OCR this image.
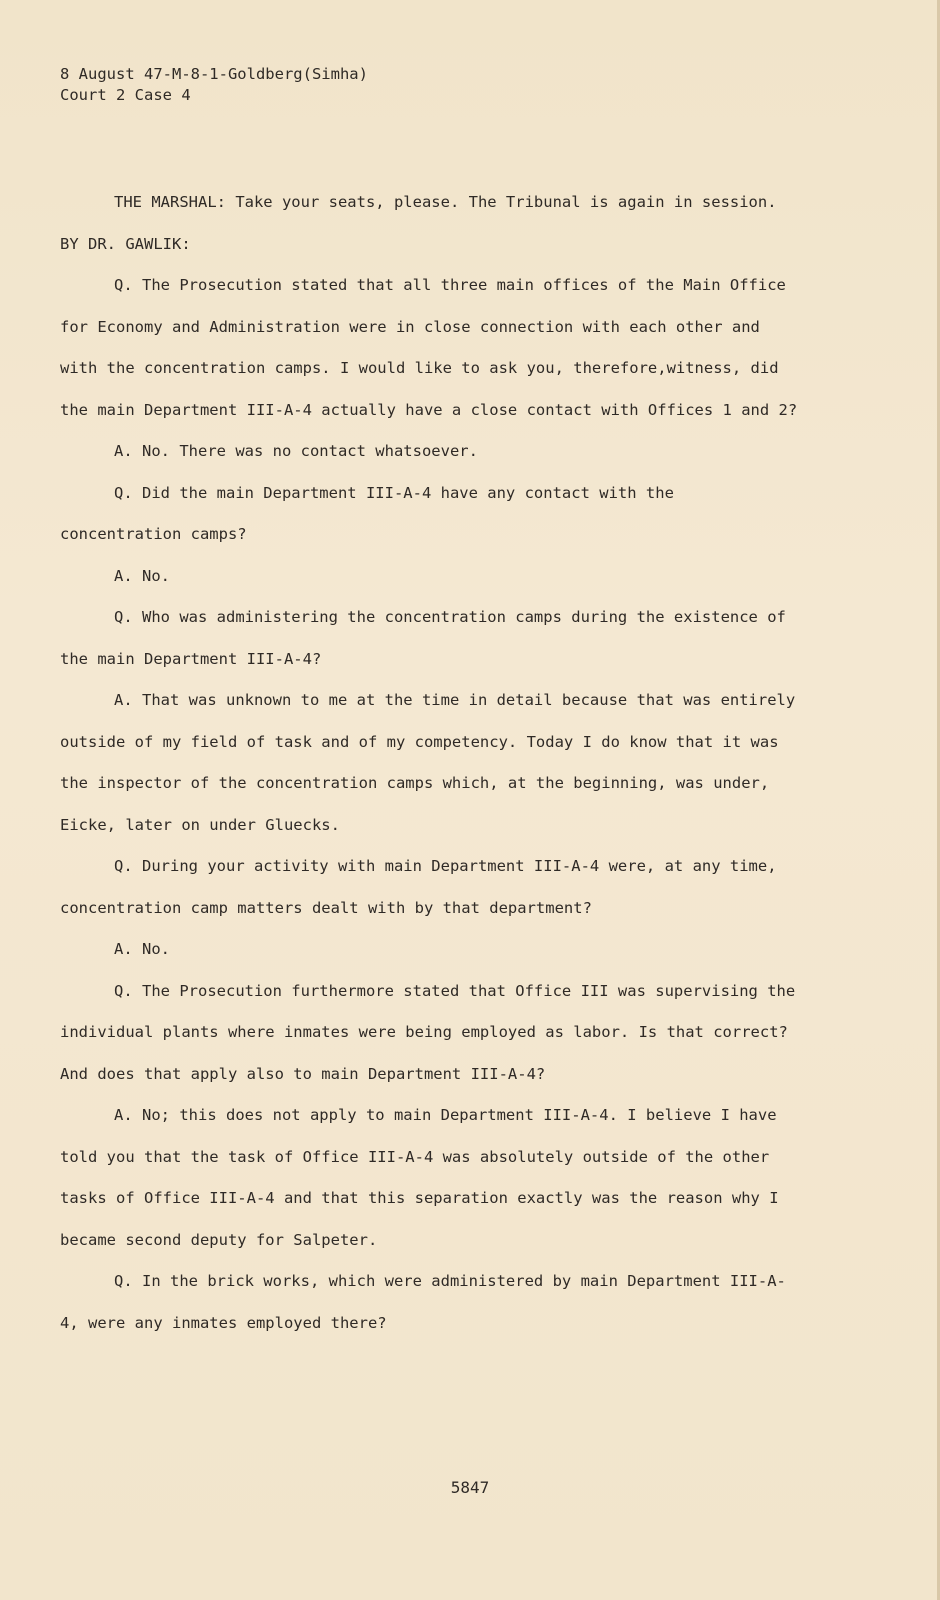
8 August 47-M-8-1-Goldberg(Simha)
Court 2 Case 4

THE MARSHAL: Take your seats, please. The Tribunal is again in session.

BY DR. GAWLIK:

Q. The Prosecution stated that all three main offices of the Main Office for Economy and Administration were in close connection with each other and with the concentration camps. I would like to ask you, therefore,witness, did the main Department III-A-4 actually have a close contact with Offices 1 and 2?

A. No. There was no contact whatsoever.

Q. Did the main Department III-A-4 have any contact with the concentration camps?

A. No.

Q. Who was administering the concentration camps during the existence of the main Department III-A-4?

A. That was unknown to me at the time in detail because that was entirely outside of my field of task and of my competency. Today I do know that it was the inspector of the concentration camps which, at the beginning, was under, Eicke, later on under Gluecks.

Q. During your activity with main Department III-A-4 were, at any time, concentration camp matters dealt with by that department?

A. No.

Q. The Prosecution furthermore stated that Office III was supervising the individual plants where inmates were being employed as labor. Is that correct? And does that apply also to main Department III-A-4?

A. No; this does not apply to main Department III-A-4. I believe I have told you that the task of Office III-A-4 was absolutely outside of the other tasks of Office III-A-4 and that this separation exactly was the reason why I became second deputy for Salpeter.

Q. In the brick works, which were administered by main Department III-A-4, were any inmates employed there?

5847
